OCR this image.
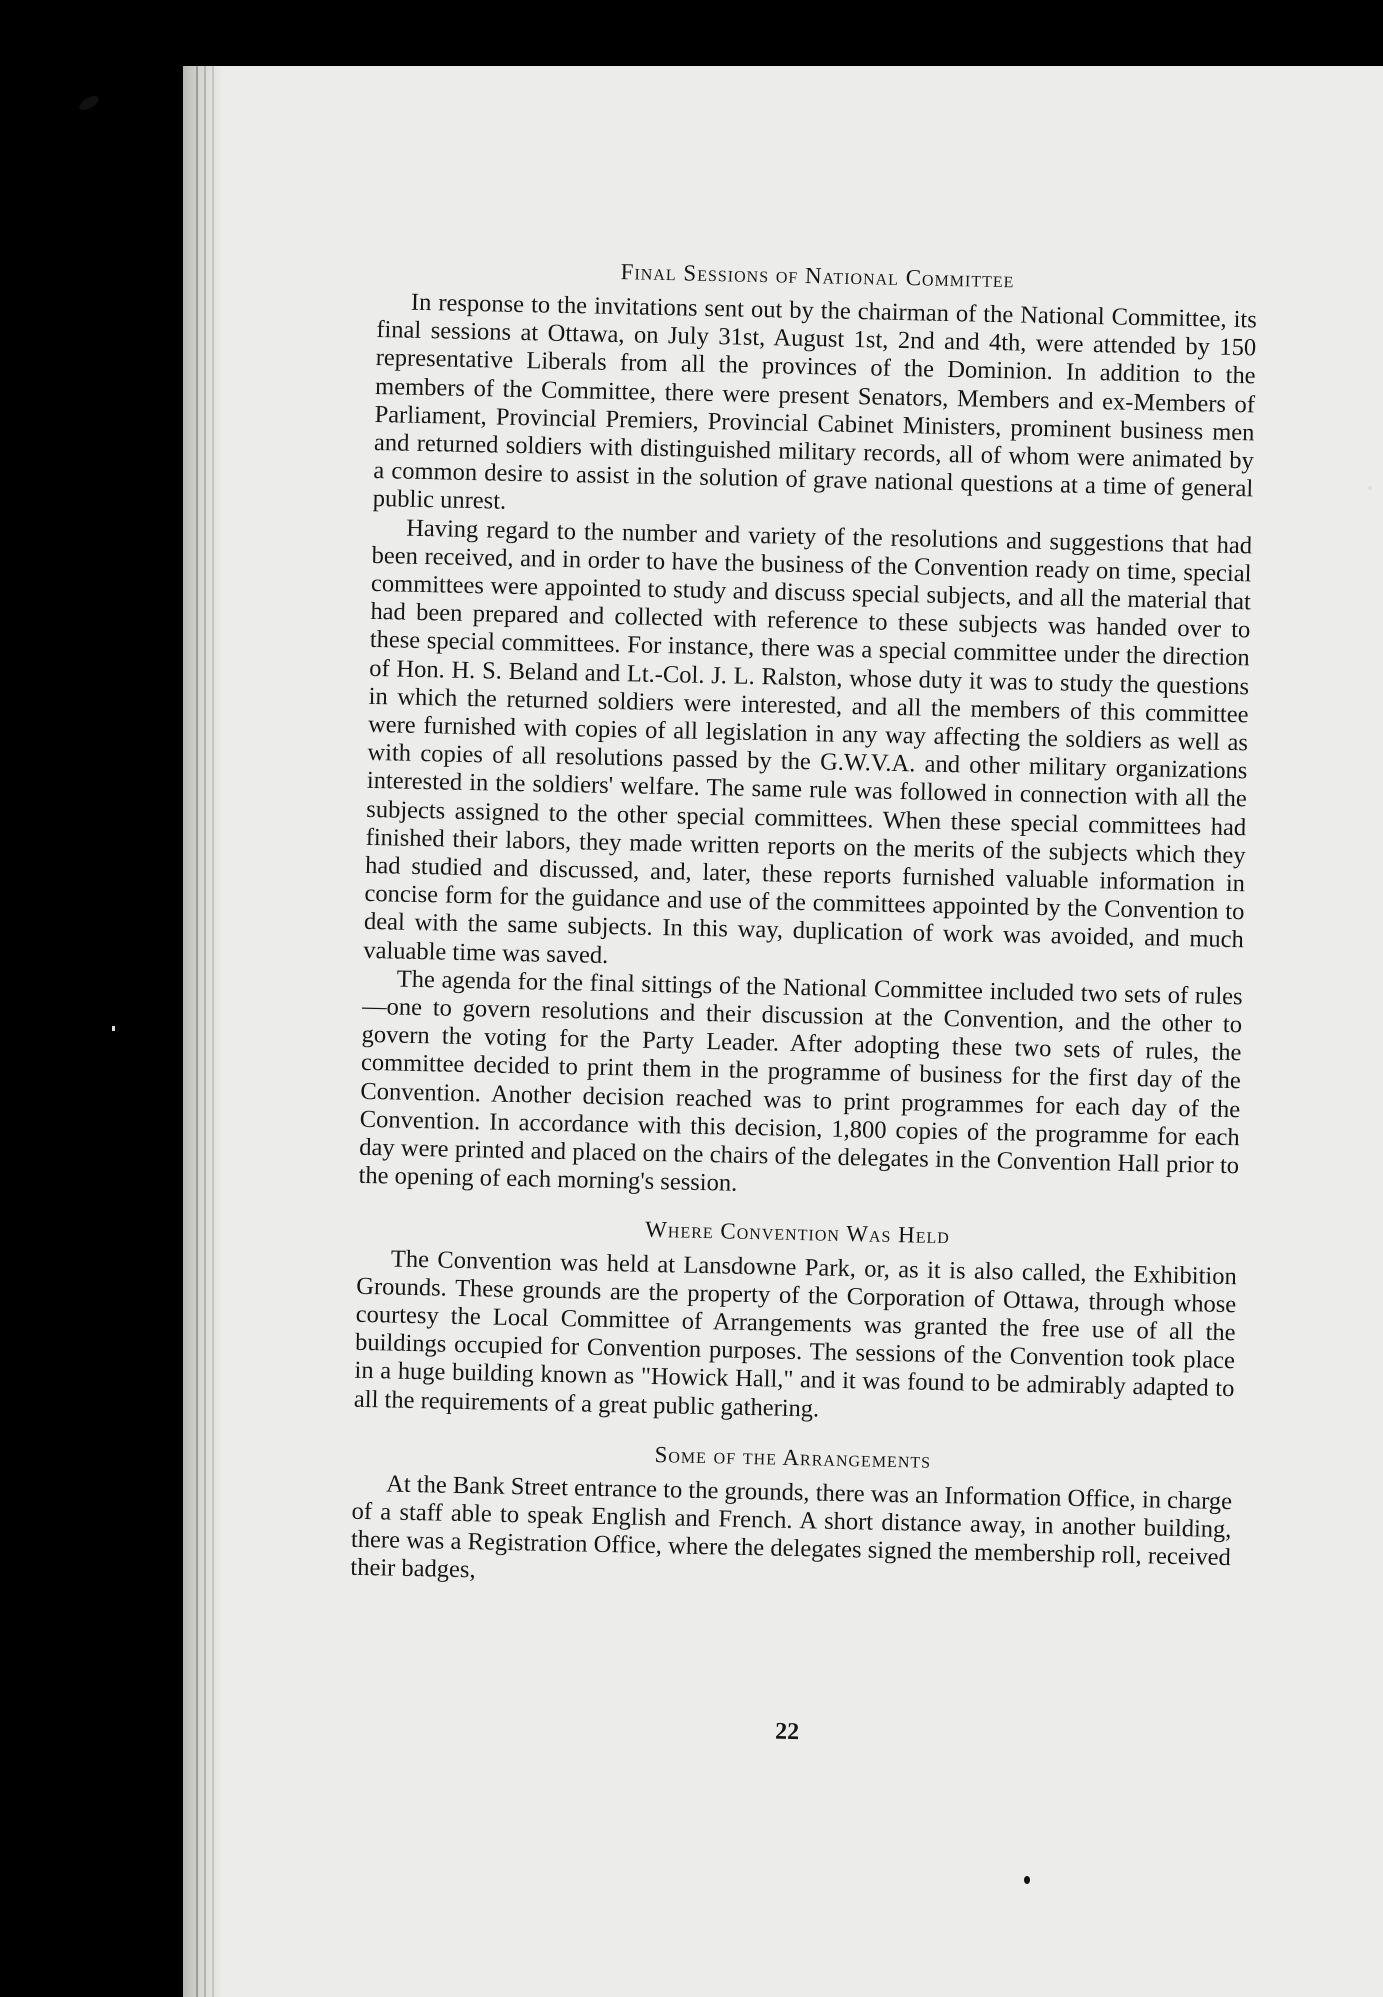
Final Sessions of National Committee

In response to the invitations sent out by the chairman of the National Committee, its final sessions at Ottawa, on July 31st, August 1st, 2nd and 4th, were attended by 150 representative Liberals from all the provinces of the Dominion. In addition to the members of the Committee, there were present Senators, Members and ex-Members of Parliament, Provincial Premiers, Provincial Cabinet Ministers, prominent business men and returned soldiers with distinguished military records, all of whom were animated by a common desire to assist in the solution of grave national questions at a time of general public unrest.

Having regard to the number and variety of the resolutions and suggestions that had been received, and in order to have the business of the Convention ready on time, special committees were appointed to study and discuss special subjects, and all the material that had been prepared and collected with reference to these subjects was handed over to these special committees. For instance, there was a special committee under the direction of Hon. H. S. Beland and Lt.-Col. J. L. Ralston, whose duty it was to study the questions in which the returned soldiers were interested, and all the members of this committee were furnished with copies of all legislation in any way affecting the soldiers as well as with copies of all resolutions passed by the G.W.V.A. and other military organizations interested in the soldiers' welfare. The same rule was followed in connection with all the subjects assigned to the other special committees. When these special committees had finished their labors, they made written reports on the merits of the subjects which they had studied and discussed, and, later, these reports furnished valuable information in concise form for the guidance and use of the committees appointed by the Convention to deal with the same subjects. In this way, duplication of work was avoided, and much valuable time was saved.

The agenda for the final sittings of the National Committee included two sets of rules—one to govern resolutions and their discussion at the Convention, and the other to govern the voting for the Party Leader. After adopting these two sets of rules, the committee decided to print them in the programme of business for the first day of the Convention. Another decision reached was to print programmes for each day of the Convention. In accordance with this decision, 1,800 copies of the programme for each day were printed and placed on the chairs of the delegates in the Convention Hall prior to the opening of each morning's session.

Where Convention Was Held

The Convention was held at Lansdowne Park, or, as it is also called, the Exhibition Grounds. These grounds are the property of the Corporation of Ottawa, through whose courtesy the Local Committee of Arrangements was granted the free use of all the buildings occupied for Convention purposes. The sessions of the Convention took place in a huge building known as "Howick Hall," and it was found to be admirably adapted to all the requirements of a great public gathering.

Some of the Arrangements

At the Bank Street entrance to the grounds, there was an Information Office, in charge of a staff able to speak English and French. A short distance away, in another building, there was a Registration Office, where the delegates signed the membership roll, received their badges,

22
